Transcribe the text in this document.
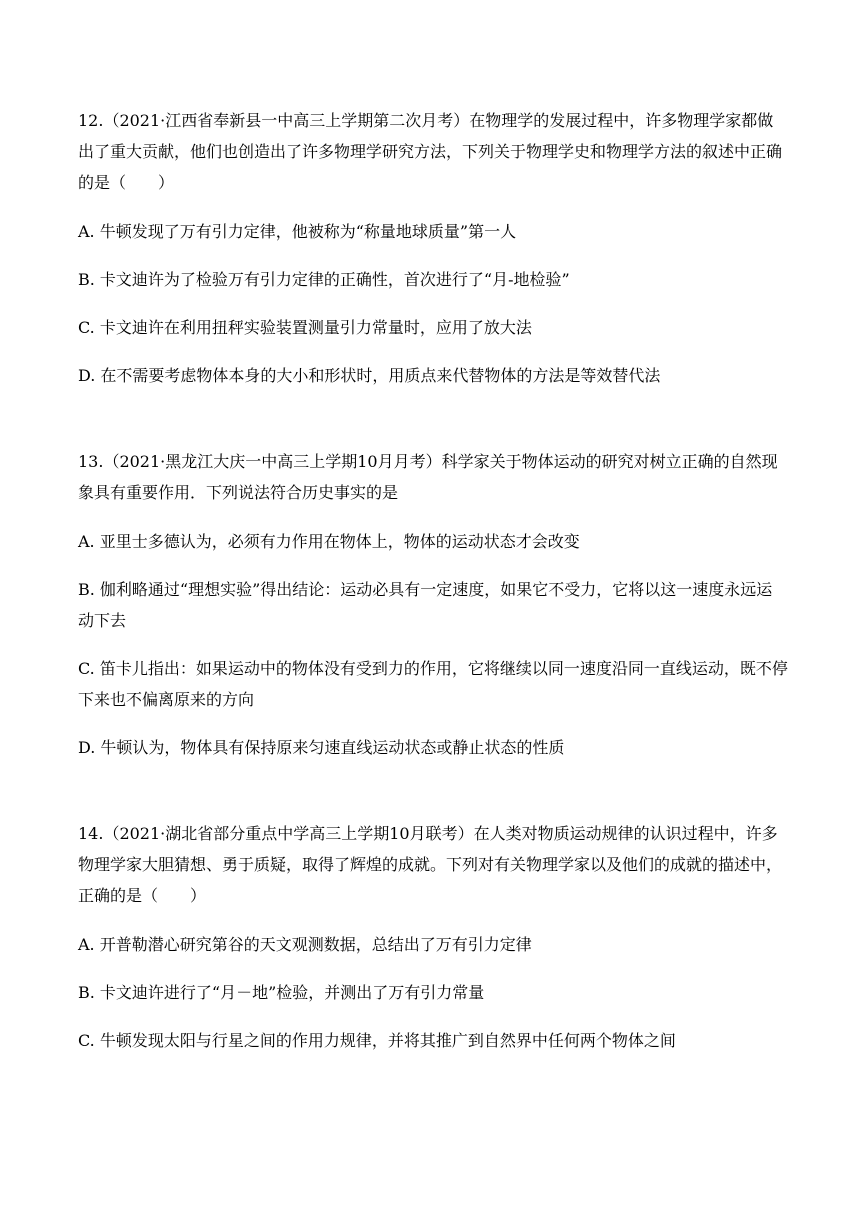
12.（2021·江西省奉新县一中高三上学期第二次月考）在物理学的发展过程中，许多物理学家都做出了重大贡献，他们也创造出了许多物理学研究方法，下列关于物理学史和物理学方法的叙述中正确的是（　　）

A. 牛顿发现了万有引力定律，他被称为“称量地球质量”第一人

B. 卡文迪许为了检验万有引力定律的正确性，首次进行了“月-地检验”

C. 卡文迪许在利用扭秤实验装置测量引力常量时，应用了放大法

D. 在不需要考虑物体本身的大小和形状时，用质点来代替物体的方法是等效替代法

13.（2021·黑龙江大庆一中高三上学期10月月考）科学家关于物体运动的研究对树立正确的自然现象具有重要作用．下列说法符合历史事实的是

A. 亚里士多德认为，必须有力作用在物体上，物体的运动状态才会改变

B. 伽利略通过“理想实验”得出结论：运动必具有一定速度，如果它不受力，它将以这一速度永远运动下去

C. 笛卡儿指出：如果运动中的物体没有受到力的作用，它将继续以同一速度沿同一直线运动，既不停下来也不偏离原来的方向

D. 牛顿认为，物体具有保持原来匀速直线运动状态或静止状态的性质

14.（2021·湖北省部分重点中学高三上学期10月联考）在人类对物质运动规律的认识过程中，许多物理学家大胆猜想、勇于质疑，取得了辉煌的成就。下列对有关物理学家以及他们的成就的描述中，正确的是（　　）

A. 开普勒潜心研究第谷的天文观测数据，总结出了万有引力定律

B. 卡文迪许进行了“月－地”检验，并测出了万有引力常量

C. 牛顿发现太阳与行星之间的作用力规律，并将其推广到自然界中任何两个物体之间
